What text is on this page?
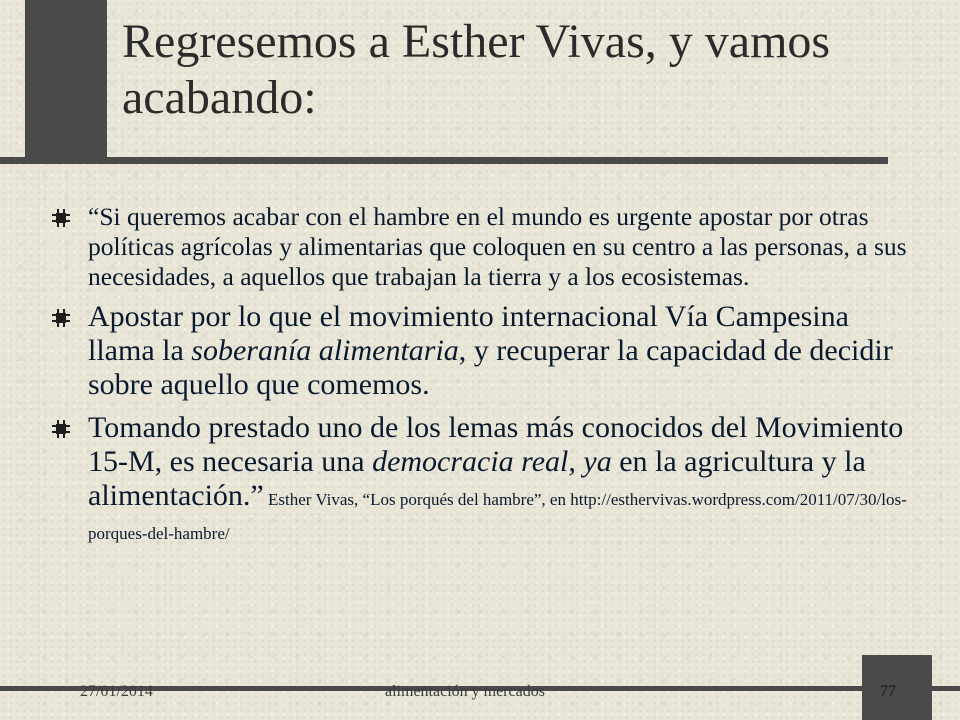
Regresemos a Esther Vivas, y vamos acabando:
“Si queremos acabar con el hambre en el mundo es urgente apostar por otras políticas agrícolas y alimentarias que coloquen en su centro a las personas, a sus necesidades, a aquellos que trabajan la tierra y a los ecosistemas.
Apostar por lo que el movimiento internacional Vía Campesina llama la soberanía alimentaria, y recuperar la capacidad de decidir sobre aquello que comemos.
Tomando prestado uno de los lemas más conocidos del Movimiento 15-M, es necesaria una democracia real, ya en la agricultura y la alimentación.” Esther Vivas, “Los porqués del hambre”, en http://esthervivas.wordpress.com/2011/07/30/los-porques-del-hambre/
27/01/2014	alimentación y mercados	77
